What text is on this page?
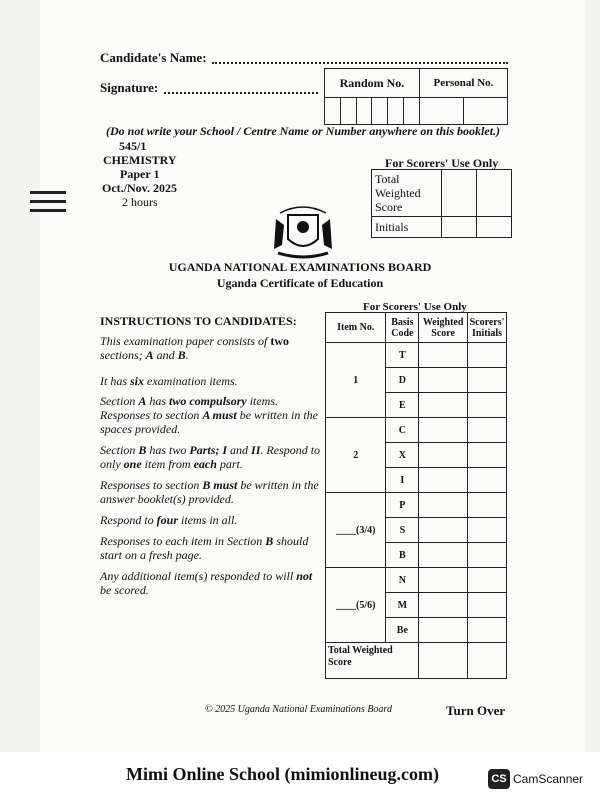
Candidate's Name:
Signature:	Random No.						Personal No.	

(Do not write your School / Centre Name or Number anywhere on this booklet.)
545/1
CHEMISTRY
Paper 1
Oct./Nov. 2025
2 hours
For Scorers' Use Only
Total Weighted Score		
Initials		
UGANDA NATIONAL EXAMINATIONS BOARD
Uganda Certificate of Education
INSTRUCTIONS TO CANDIDATES:
This examination paper consists of two sections; A and B.
It has six examination items.
Section A has two compulsory items. Responses to section A must be written in the spaces provided.
Section B has two Parts; I and II. Respond to only one item from each part.
Responses to section B must be written in the answer booklet(s) provided.
Respond to four items in all.
Responses to each item in Section B should start on a fresh page.
Any additional item(s) responded to will not be scored.
For Scorers' Use Only
Item No.	Basis Code	Weighted Score	Scorers' Initials
1	T		
	D		
	E		
2	C		
	X		
	I		
____(3/4)	P		
	S		
	B		
____(5/6)	N		
	M		
	Be		
Total Weighted Score			
© 2025 Uganda National Examinations Board	Turn Over
Mimi Online School (mimionlineug.com)	CS CamScanner
